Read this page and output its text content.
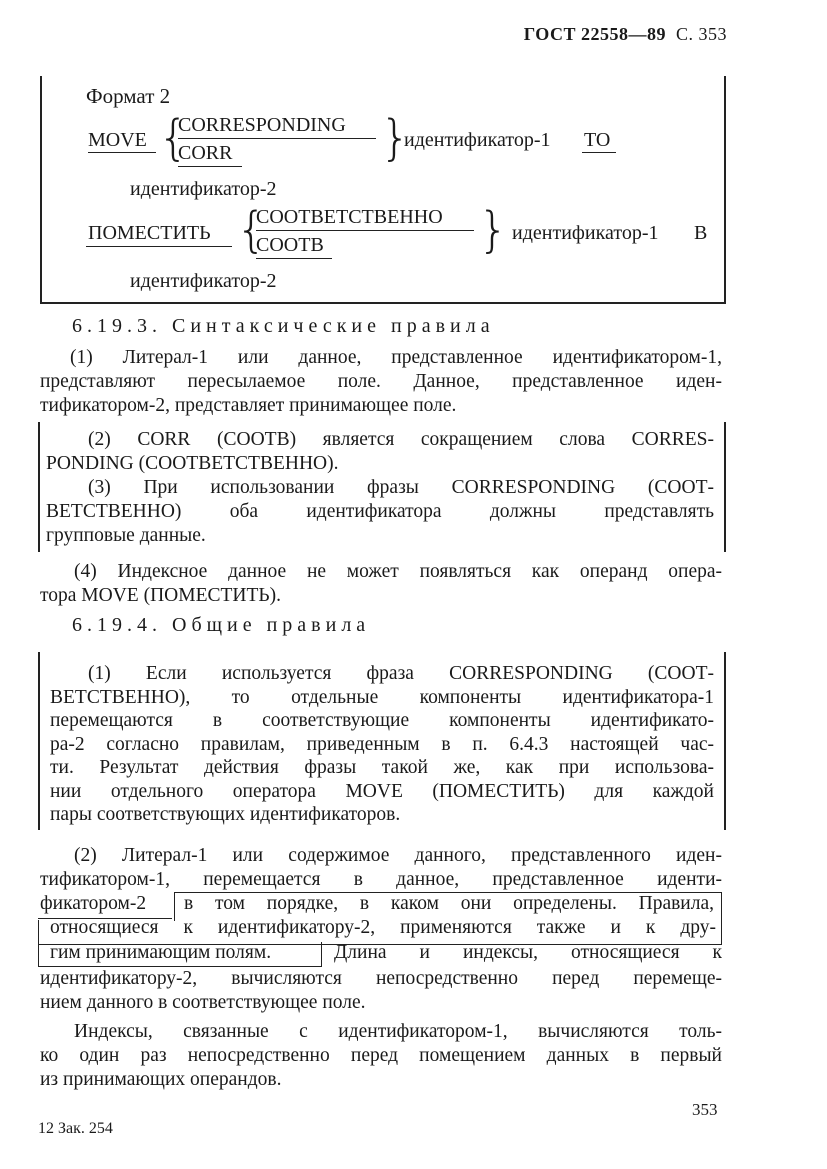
ГОСТ 22558—89 С. 353
Формат 2
MOVE {
CORRESPONDING
CORR	}
идентификатор-1 TO
идентификатор-2
ПОМЕСТИТЬ {
СООТВЕТСТВЕННО
СООТВ	} идентификатор-1 В
идентификатор-2
6.19.3. Синтаксические правила
(1) Литерал-1 или данное, представленное идентификатором-1,
представляют пересылаемое поле. Данное, представленное иден-
тификатором-2, представляет принимающее поле.
(2) CORR (СООТВ) является сокращением слова CORRES-
PONDING (СООТВЕТСТВЕННО).
(3) При использовании фразы CORRESPONDING (СООТ-
ВЕТСТВЕННО) оба идентификатора должны представлять
групповые данные.
(4) Индексное данное не может появляться как операнд опера-
тора MOVE (ПОМЕСТИТЬ).
6.19.4. Общие правила
(1) Если используется фраза CORRESPONDING (СООТ-
ВЕТСТВЕННО), то отдельные компоненты идентификатора-1
перемещаются в соответствующие компоненты идентификато-
ра-2 согласно правилам, приведенным в п. 6.4.3 настоящей час-
ти. Результат действия фразы такой же, как при использова-
нии отдельного оператора MOVE (ПОМЕСТИТЬ) для каждой
пары соответствующих идентификаторов.
(2) Литерал-1 или содержимое данного, представленного иден-
тификатором-1, перемещается в данное, представленное иденти-
фикатором-2 в том порядке, в каком они определены. Правила,
относящиеся к идентификатору-2, применяются также и к дру-
гим принимающим полям.	Длина и индексы, относящиеся к
идентификатору-2, вычисляются непосредственно перед перемеще-
нием данного в соответствующее поле.
Индексы, связанные с идентификатором-1, вычисляются толь-
ко один раз непосредственно перед помещением данных в первый
из принимающих операндов.
353
12 Зак. 254
